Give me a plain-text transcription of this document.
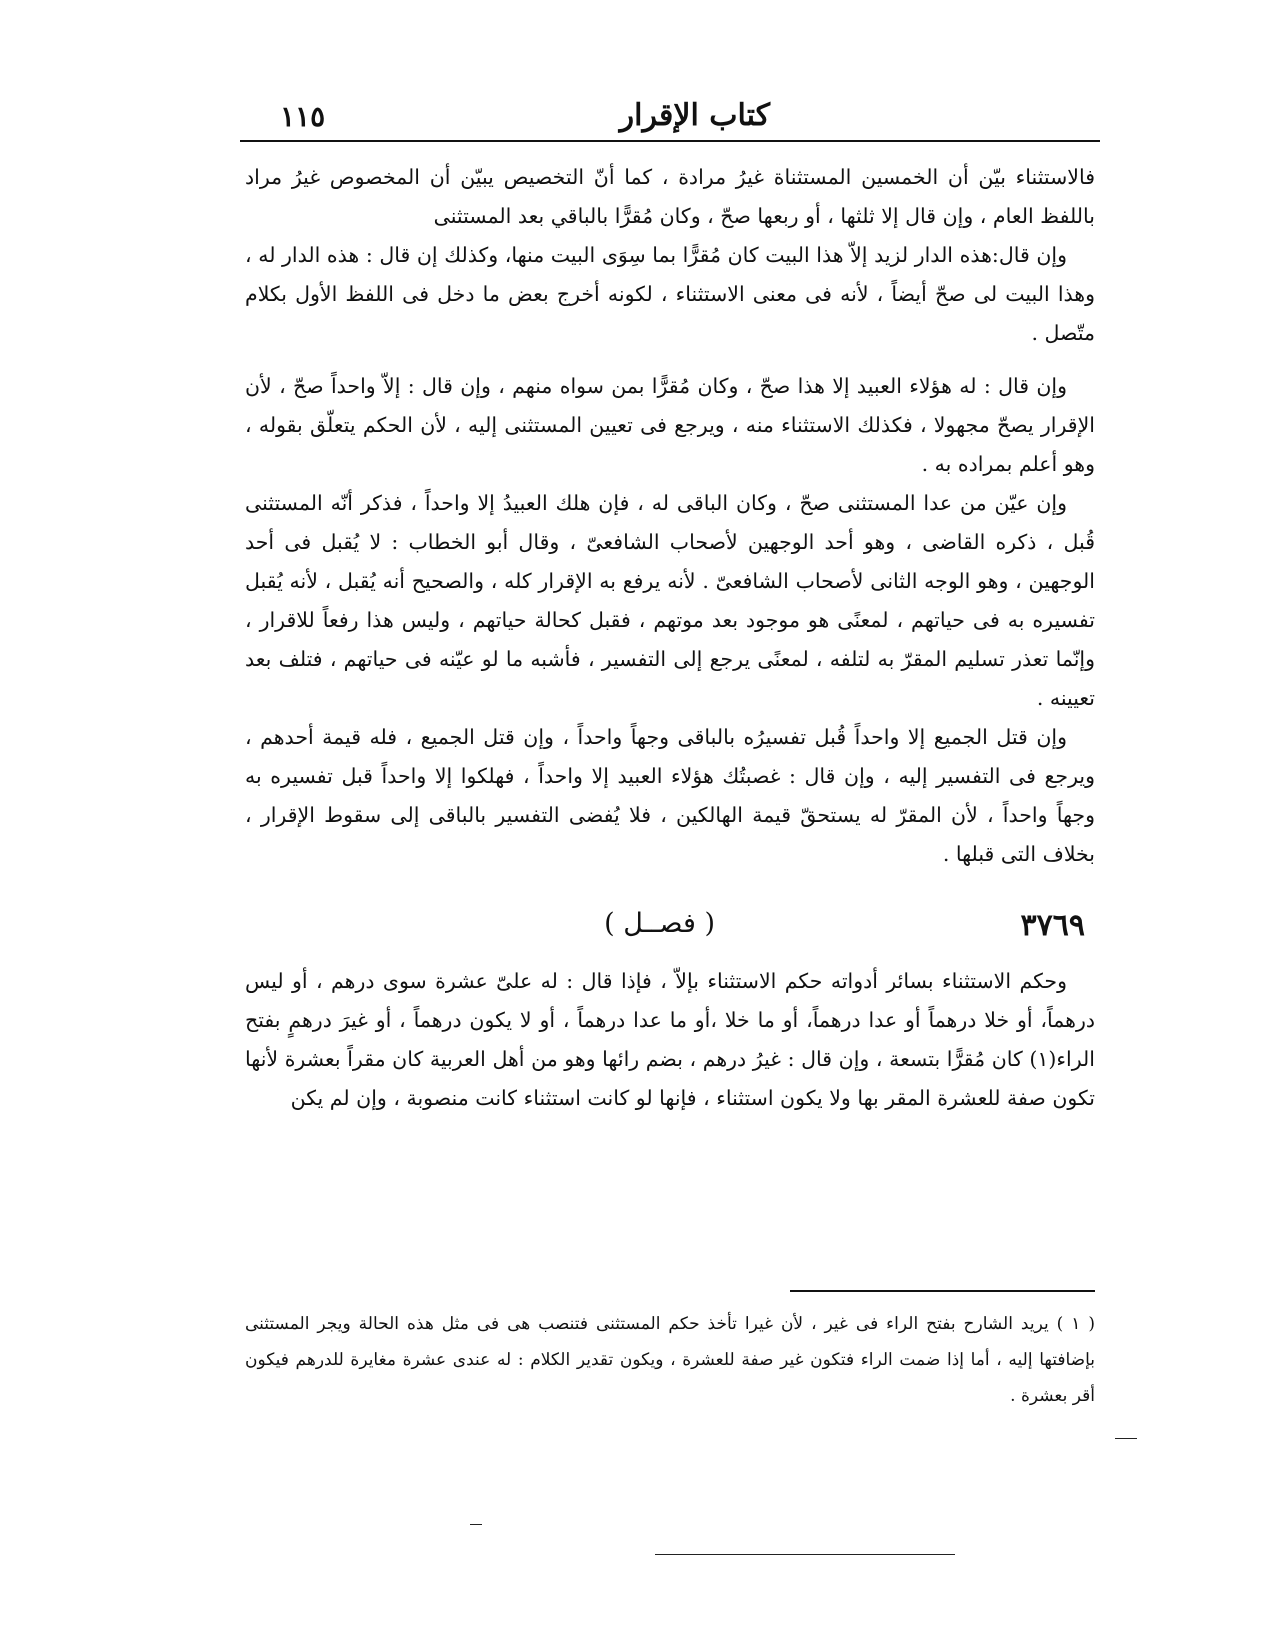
كتاب الإقرار
١١٥

فالاستثناء بيّن أن الخمسين المستثناة غيرُ مرادة ، كما أنّ التخصيص يبيّن أن المخصوص غيرُ مراد باللفظ العام ، وإن قال إلا ثلثها ، أو ربعها صحّ ، وكان مُقرًّا بالباقي بعد المستثنى

وإن قال:هذه الدار لزيد إلاّ هذا البيت كان مُقرًّا بما سِوَى البيت منها، وكذلك إن قال : هذه الدار له ، وهذا البيت لى صحّ أيضاً ، لأنه فى معنى الاستثناء ، لكونه أخرج بعض ما دخل فى اللفظ الأول بكلام متّصل .

وإن قال : له هؤلاء العبيد إلا هذا صحّ ، وكان مُقرًّا بمن سواه منهم ، وإن قال : إلاّ واحداً صحّ ، لأن الإقرار يصحّ مجهولا ، فكذلك الاستثناء منه ، ويرجع فى تعيين المستثنى إليه ، لأن الحكم يتعلّق بقوله ، وهو أعلم بمراده به .

وإن عيّن من عدا المستثنى صحّ ، وكان الباقى له ، فإن هلك العبيدُ إلا واحداً ، فذكر أنّه المستثنى قُبل ، ذكره القاضى ، وهو أحد الوجهين لأصحاب الشافعىّ ، وقال أبو الخطاب : لا يُقبل فى أحد الوجهين ، وهو الوجه الثانى لأصحاب الشافعىّ . لأنه يرفع به الإقرار كله ، والصحيح أنه يُقبل ، لأنه يُقبل تفسيره به فى حياتهم ، لمعنًى هو موجود بعد موتهم ، فقبل كحالة حياتهم ، وليس هذا رفعاً للاقرار ، وإنّما تعذر تسليم المقرّ به لتلفه ، لمعنًى يرجع إلى التفسير ، فأشبه ما لو عيّنه فى حياتهم ، فتلف بعد تعيينه .

وإن قتل الجميع إلا واحداً قُبل تفسيرُه بالباقى وجهاً واحداً ، وإن قتل الجميع ، فله قيمة أحدهم ، ويرجع فى التفسير إليه ، وإن قال : غصبتُك هؤلاء العبيد إلا واحداً ، فهلكوا إلا واحداً قبل تفسيره به وجهاً واحداً ، لأن المقرّ له يستحقّ قيمة الهالكين ، فلا يُفضى التفسير بالباقى إلى سقوط الإقرار ، بخلاف التى قبلها .

٣٧٦٩
( فصــل )

وحكم الاستثناء بسائر أدواته حكم الاستثناء بإلاّ ، فإذا قال : له علىّ عشرة سوى درهم ، أو ليس درهماً، أو خلا درهماً أو عدا درهماً، أو ما خلا ،أو ما عدا درهماً ، أو لا يكون درهماً ، أو غيرَ درهمٍ بفتح الراء(١) كان مُقرًّا بتسعة ، وإن قال : غيرُ درهم ، بضم رائها وهو من أهل العربية كان مقراً بعشرة لأنها تكون صفة للعشرة المقر بها ولا يكون استثناء ، فإنها لو كانت استثناء كانت منصوبة ، وإن لم يكن

( ١ ) يريد الشارح بفتح الراء فى غير ، لأن غيرا تأخذ حكم المستثنى فتنصب هى فى مثل هذه الحالة ويجر المستثنى بإضافتها إليه ، أما إذا ضمت الراء فتكون غير صفة للعشرة ، ويكون تقدير الكلام : له عندى عشرة مغايرة للدرهم فيكون أقر بعشرة .
